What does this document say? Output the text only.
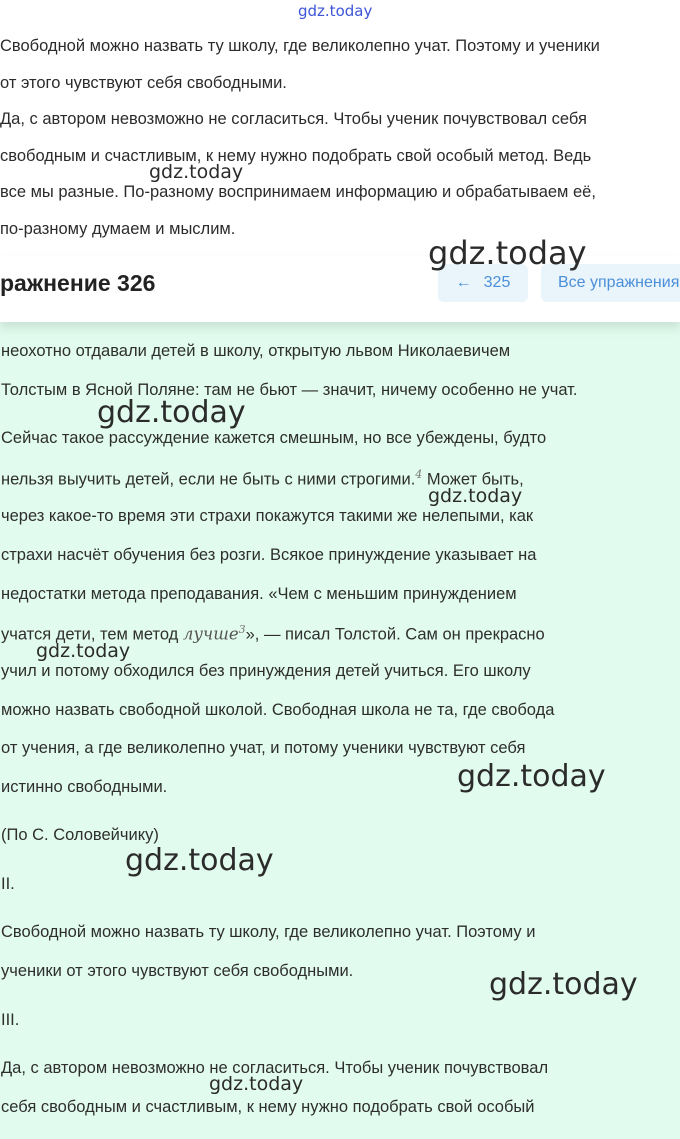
gdz.today
Свободной можно назвать ту школу, где великолепно учат. Поэтому и ученики
от этого чувствуют себя свободными.
Да, с автором невозможно не согласиться. Чтобы ученик почувствовал себя
свободным и счастливым, к нему нужно подобрать свой особый метод. Ведь
все мы разные. По-разному воспринимаем информацию и обрабатываем её,
по-разному думаем и мыслим.
ражнение 326	← 325	Все упражнения

неохотно отдавали детей в школу, открытую львом Николаевичем
Толстым в Ясной Поляне: там не бьют — значит, ничему особенно не учат.
Сейчас такое рассуждение кажется смешным, но все убеждены, будто
нельзя выучить детей, если не быть с ними строгими.$^4$ Может быть,
через какое-то время эти страхи покажутся такими же нелепыми, как
страхи насчёт обучения без розги. Всякое принуждение указывает на
недостатки метода преподавания. «Чем с меньшим принуждением
учатся дети, тем метод лучше$^3$», — писал Толстой. Сам он прекрасно
учил и потому обходился без принуждения детей учиться. Его школу
можно назвать свободной школой. Свободная школа не та, где свобода
от учения, а где великолепно учат, и потому ученики чувствуют себя
истинно свободными.
(По С. Соловейчику)
II.
Свободной можно назвать ту школу, где великолепно учат. Поэтому и
ученики от этого чувствуют себя свободными.
III.
Да, с автором невозможно не согласиться. Чтобы ученик почувствовал
себя свободным и счастливым, к нему нужно подобрать свой особый
gdz.today
gdz.today
gdz.today
gdz.today
gdz.today
gdz.today
gdz.today
gdz.today
gdz.today
